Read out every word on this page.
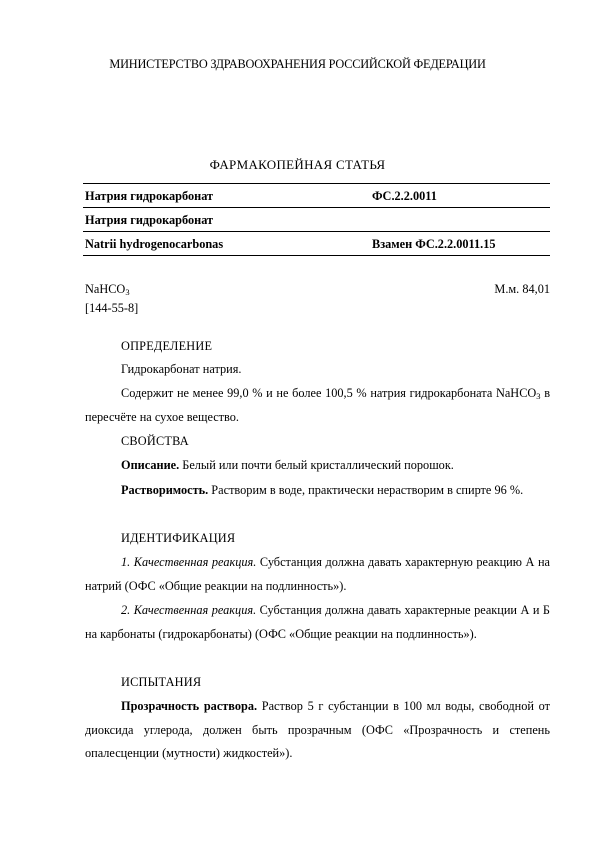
МИНИСТЕРСТВО ЗДРАВООХРАНЕНИЯ РОССИЙСКОЙ ФЕДЕРАЦИИ
ФАРМАКОПЕЙНАЯ СТАТЬЯ
Натрия гидрокарбонат	ФС.2.2.0011
Натрия гидрокарбонат
Natrii hydrogenocarbonas	Взамен ФС.2.2.0011.15
NaHCO$_3$	М.м. 84,01
[144-55-8]
ОПРЕДЕЛЕНИЕ
Гидрокарбонат натрия.
Содержит не менее 99,0 % и не более 100,5 % натрия гидрокарбоната NaHCO$_3$ в пересчёте на сухое вещество.
СВОЙСТВА
Описание. Белый или почти белый кристаллический порошок.
Растворимость. Растворим в воде, практически нерастворим в спирте 96 %.
ИДЕНТИФИКАЦИЯ
1. Качественная реакция. Субстанция должна давать характерную реакцию А на натрий (ОФС «Общие реакции на подлинность»).
2. Качественная реакция. Субстанция должна давать характерные реакции А и Б на карбонаты (гидрокарбонаты) (ОФС «Общие реакции на подлинность»).
ИСПЫТАНИЯ
Прозрачность раствора. Раствор 5 г субстанции в 100 мл воды, свободной от диоксида углерода, должен быть прозрачным (ОФС «Прозрачность и степень опалесценции (мутности) жидкостей»).
